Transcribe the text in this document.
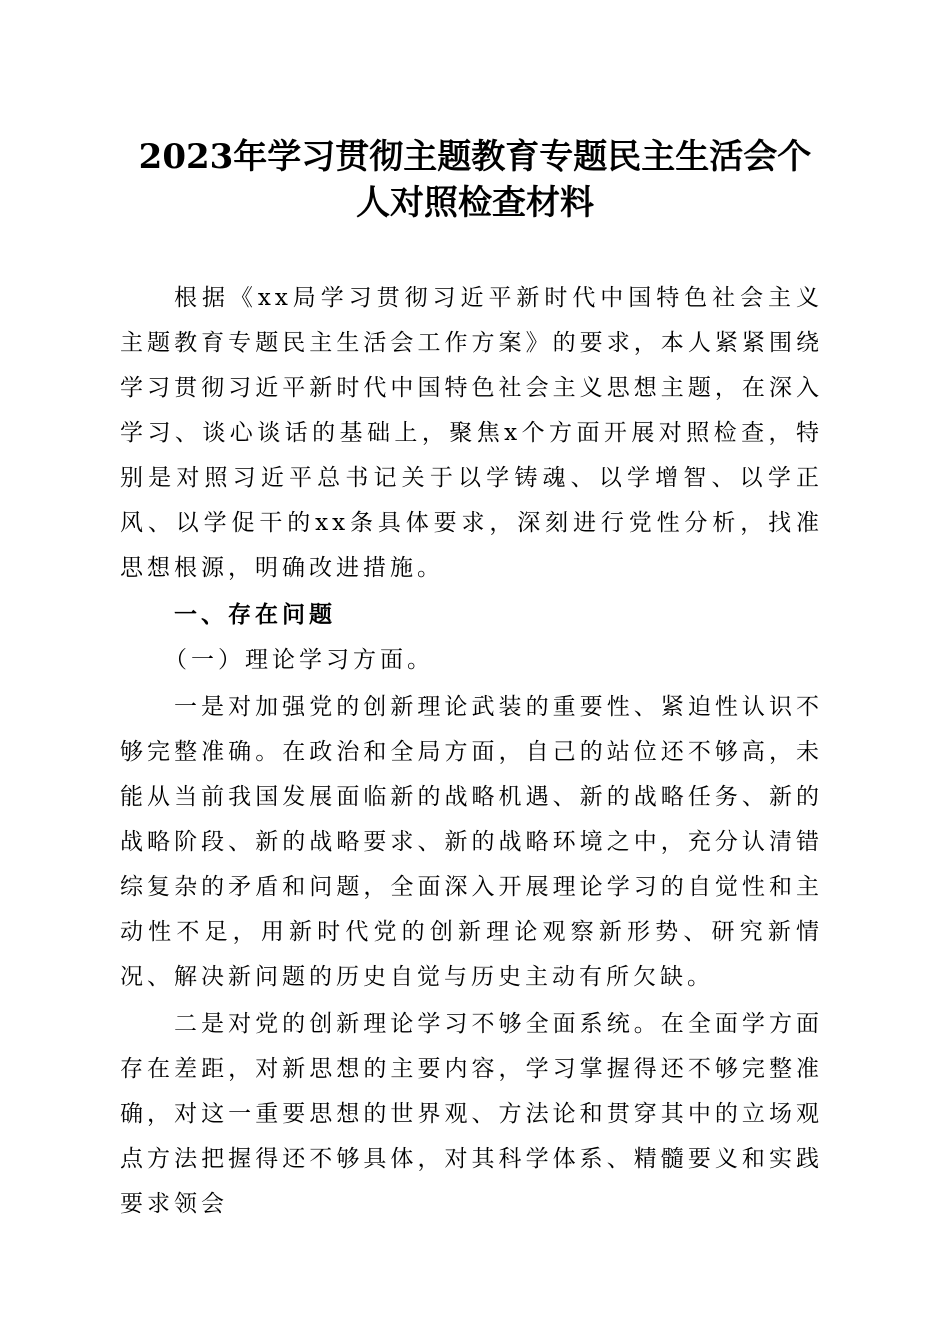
2023年学习贯彻主题教育专题民主生活会个
人对照检查材料

根据《xx局学习贯彻习近平新时代中国特色社会主义主题教育专题民主生活会工作方案》的要求，本人紧紧围绕学习贯彻习近平新时代中国特色社会主义思想主题，在深入学习、谈心谈话的基础上，聚焦x个方面开展对照检查，特别是对照习近平总书记关于以学铸魂、以学增智、以学正风、以学促干的xx条具体要求，深刻进行党性分析，找准思想根源，明确改进措施。

一、存在问题

（一）理论学习方面。

一是对加强党的创新理论武装的重要性、紧迫性认识不够完整准确。在政治和全局方面，自己的站位还不够高，未能从当前我国发展面临新的战略机遇、新的战略任务、新的战略阶段、新的战略要求、新的战略环境之中，充分认清错综复杂的矛盾和问题，全面深入开展理论学习的自觉性和主动性不足，用新时代党的创新理论观察新形势、研究新情况、解决新问题的历史自觉与历史主动有所欠缺。

二是对党的创新理论学习不够全面系统。在全面学方面存在差距，对新思想的主要内容，学习掌握得还不够完整准确，对这一重要思想的世界观、方法论和贯穿其中的立场观点方法把握得还不够具体，对其科学体系、精髓要义和实践要求领会
